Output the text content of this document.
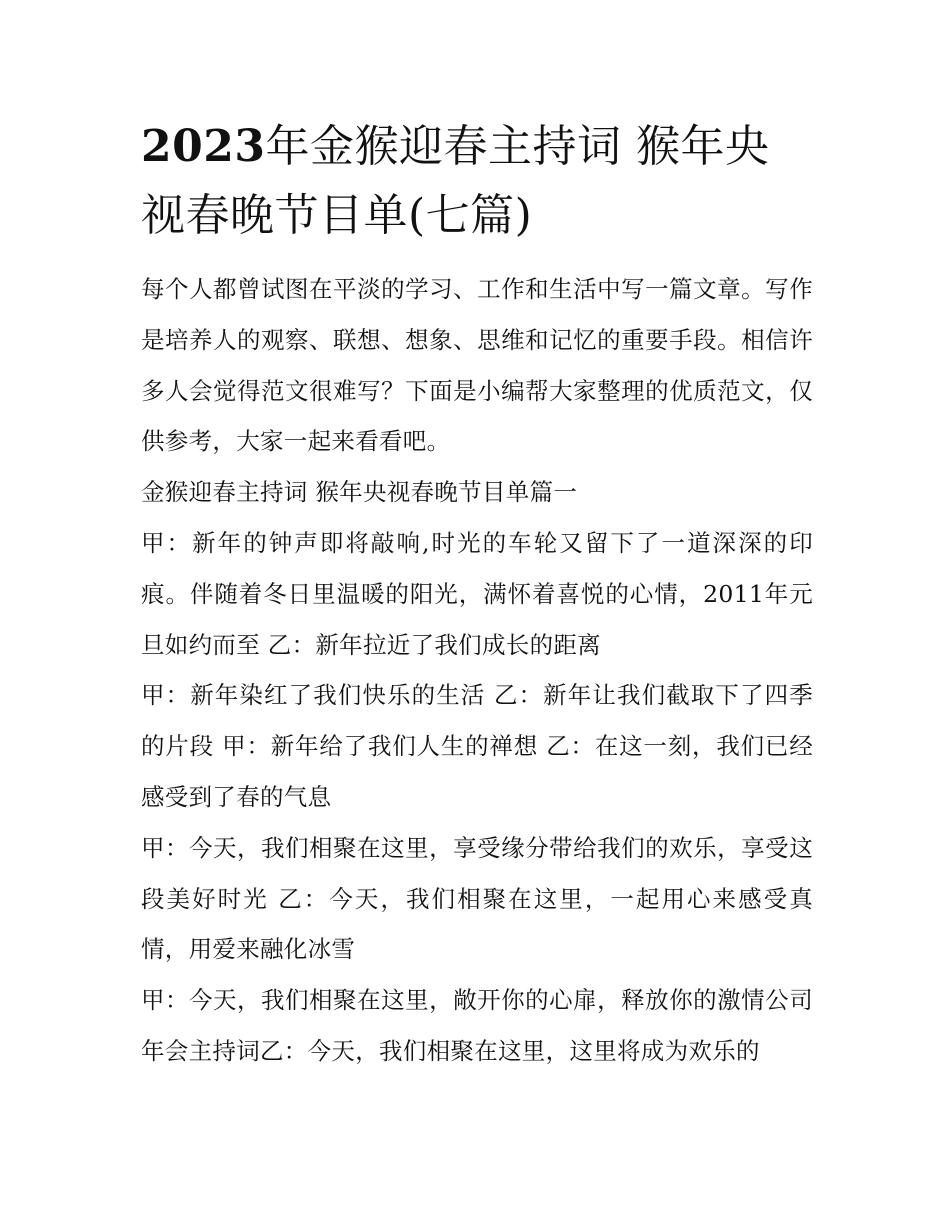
2023年金猴迎春主持词 猴年央视春晚节目单(七篇)

每个人都曾试图在平淡的学习、工作和生活中写一篇文章。写作是培养人的观察、联想、想象、思维和记忆的重要手段。相信许多人会觉得范文很难写？下面是小编帮大家整理的优质范文，仅供参考，大家一起来看看吧。

金猴迎春主持词 猴年央视春晚节目单篇一

甲：新年的钟声即将敲响,时光的车轮又留下了一道深深的印痕。伴随着冬日里温暖的阳光，满怀着喜悦的心情，2011年元旦如约而至 乙：新年拉近了我们成长的距离

甲：新年染红了我们快乐的生活 乙：新年让我们截取下了四季的片段 甲：新年给了我们人生的禅想 乙：在这一刻，我们已经感受到了春的气息

甲：今天，我们相聚在这里，享受缘分带给我们的欢乐，享受这段美好时光 乙：今天，我们相聚在这里，一起用心来感受真情，用爱来融化冰雪

甲：今天，我们相聚在这里，敞开你的心扉，释放你的激情公司年会主持词乙：今天，我们相聚在这里，这里将成为欢乐的
